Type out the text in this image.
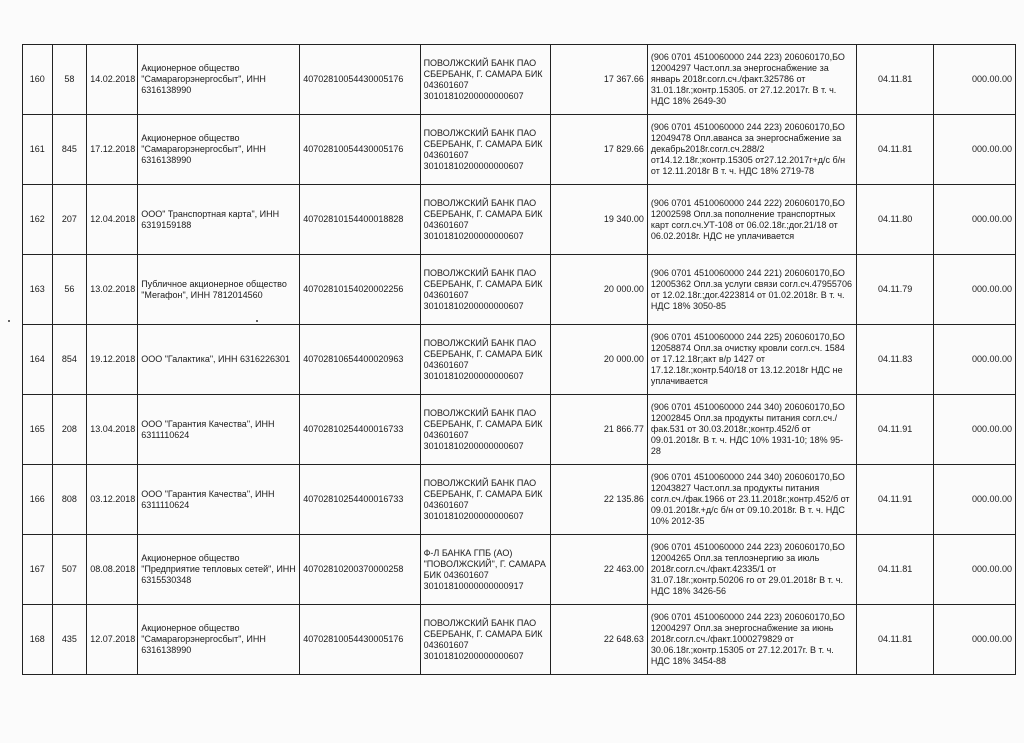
160	58	14.02.2018	Акционерное общество "Самарагорэнергосбыт", ИНН 6316138990	40702810054430005176	ПОВОЛЖСКИЙ БАНК ПАО СБЕРБАНК, Г. САМАРА БИК 043601607 30101810200000000607	17 367.66	(906 0701 4510060000 244 223) 206060170,БО 12004297 Част.опл.за энергоснабжение за январь 2018г.согл.сч./факт.325786 от 31.01.18г.;контр.15305. от 27.12.2017г. В т. ч. НДС 18% 2649-30	04.11.81	000.00.00
161	845	17.12.2018	Акционерное общество "Самарагорэнергосбыт", ИНН 6316138990	40702810054430005176	ПОВОЛЖСКИЙ БАНК ПАО СБЕРБАНК, Г. САМАРА БИК 043601607 30101810200000000607	17 829.66	(906 0701 4510060000 244 223) 206060170,БО 12049478 Опл.аванса за энергоснабжение за декабрь2018г.согл.сч.288/2 от14.12.18г.;контр.15305 от27.12.2017г+д/с б/н от 12.11.2018г В т. ч. НДС 18% 2719-78	04.11.81	000.00.00
162	207	12.04.2018	ООО" Транспортная карта", ИНН 6319159188	40702810154400018828	ПОВОЛЖСКИЙ БАНК ПАО СБЕРБАНК, Г. САМАРА БИК 043601607 30101810200000000607	19 340.00	(906 0701 4510060000 244 222) 206060170,БО 12002598 Опл.за пополнение транспортных карт согл.сч.УТ-108 от 06.02.18г.;дог.21/18 от 06.02.2018г. НДС не уплачивается	04.11.80	000.00.00
163	56	13.02.2018	Публичное акционерное общество "Мегафон", ИНН 7812014560	40702810154020002256	ПОВОЛЖСКИЙ БАНК ПАО СБЕРБАНК, Г. САМАРА БИК 043601607 30101810200000000607	20 000.00	(906 0701 4510060000 244 221) 206060170,БО 12005362 Опл.за услуги связи согл.сч.47955706 от 12.02.18г.;дог.4223814 от 01.02.2018г. В т. ч. НДС 18% 3050-85	04.11.79	000.00.00
164	854	19.12.2018	ООО "Галактика", ИНН 6316226301	40702810654400020963	ПОВОЛЖСКИЙ БАНК ПАО СБЕРБАНК, Г. САМАРА БИК 043601607 30101810200000000607	20 000.00	(906 0701 4510060000 244 225) 206060170,БО 12058874 Опл.за очистку кровли согл.сч. 1584 от 17.12.18г;акт в/р 1427 от 17.12.18г.;контр.540/18 от 13.12.2018г НДС не уплачивается	04.11.83	000.00.00
165	208	13.04.2018	ООО "Гарантия Качества", ИНН 6311110624	40702810254400016733	ПОВОЛЖСКИЙ БАНК ПАО СБЕРБАНК, Г. САМАРА БИК 043601607 30101810200000000607	21 866.77	(906 0701 4510060000 244 340) 206060170,БО 12002845 Опл.за продукты питания согл.сч./фак.531 от 30.03.2018г.;контр.452/б от 09.01.2018г. В т. ч. НДС 10% 1931-10; 18% 95-28	04.11.91	000.00.00
166	808	03.12.2018	ООО "Гарантия Качества", ИНН 6311110624	40702810254400016733	ПОВОЛЖСКИЙ БАНК ПАО СБЕРБАНК, Г. САМАРА БИК 043601607 30101810200000000607	22 135.86	(906 0701 4510060000 244 340) 206060170,БО 12043827 Част.опл.за продукты питания согл.сч./фак.1966 от 23.11.2018г.;контр.452/б от 09.01.2018г.+д/с б/н от 09.10.2018г. В т. ч. НДС 10% 2012-35	04.11.91	000.00.00
167	507	08.08.2018	Акционерное общество "Предприятие тепловых сетей", ИНН 6315530348	40702810200370000258	Ф-Л БАНКА ГПБ (АО) "ПОВОЛЖСКИЙ", Г. САМАРА БИК 043601607 30101810000000000917	22 463.00	(906 0701 4510060000 244 223) 206060170,БО 12004265 Опл.за теплоэнергию за июль 2018г.согл.сч./факт.42335/1 от 31.07.18г.;контр.50206 го от 29.01.2018г В т. ч. НДС 18% 3426-56	04.11.81	000.00.00
168	435	12.07.2018	Акционерное общество "Самарагорэнергосбыт", ИНН 6316138990	40702810054430005176	ПОВОЛЖСКИЙ БАНК ПАО СБЕРБАНК, Г. САМАРА БИК 043601607 30101810200000000607	22 648.63	(906 0701 4510060000 244 223) 206060170,БО 12004297 Опл.за энергоснабжение за июнь 2018г.согл.сч./факт.1000279829 от 30.06.18г.;контр.15305 от 27.12.2017г. В т. ч. НДС 18% 3454-88	04.11.81	000.00.00
